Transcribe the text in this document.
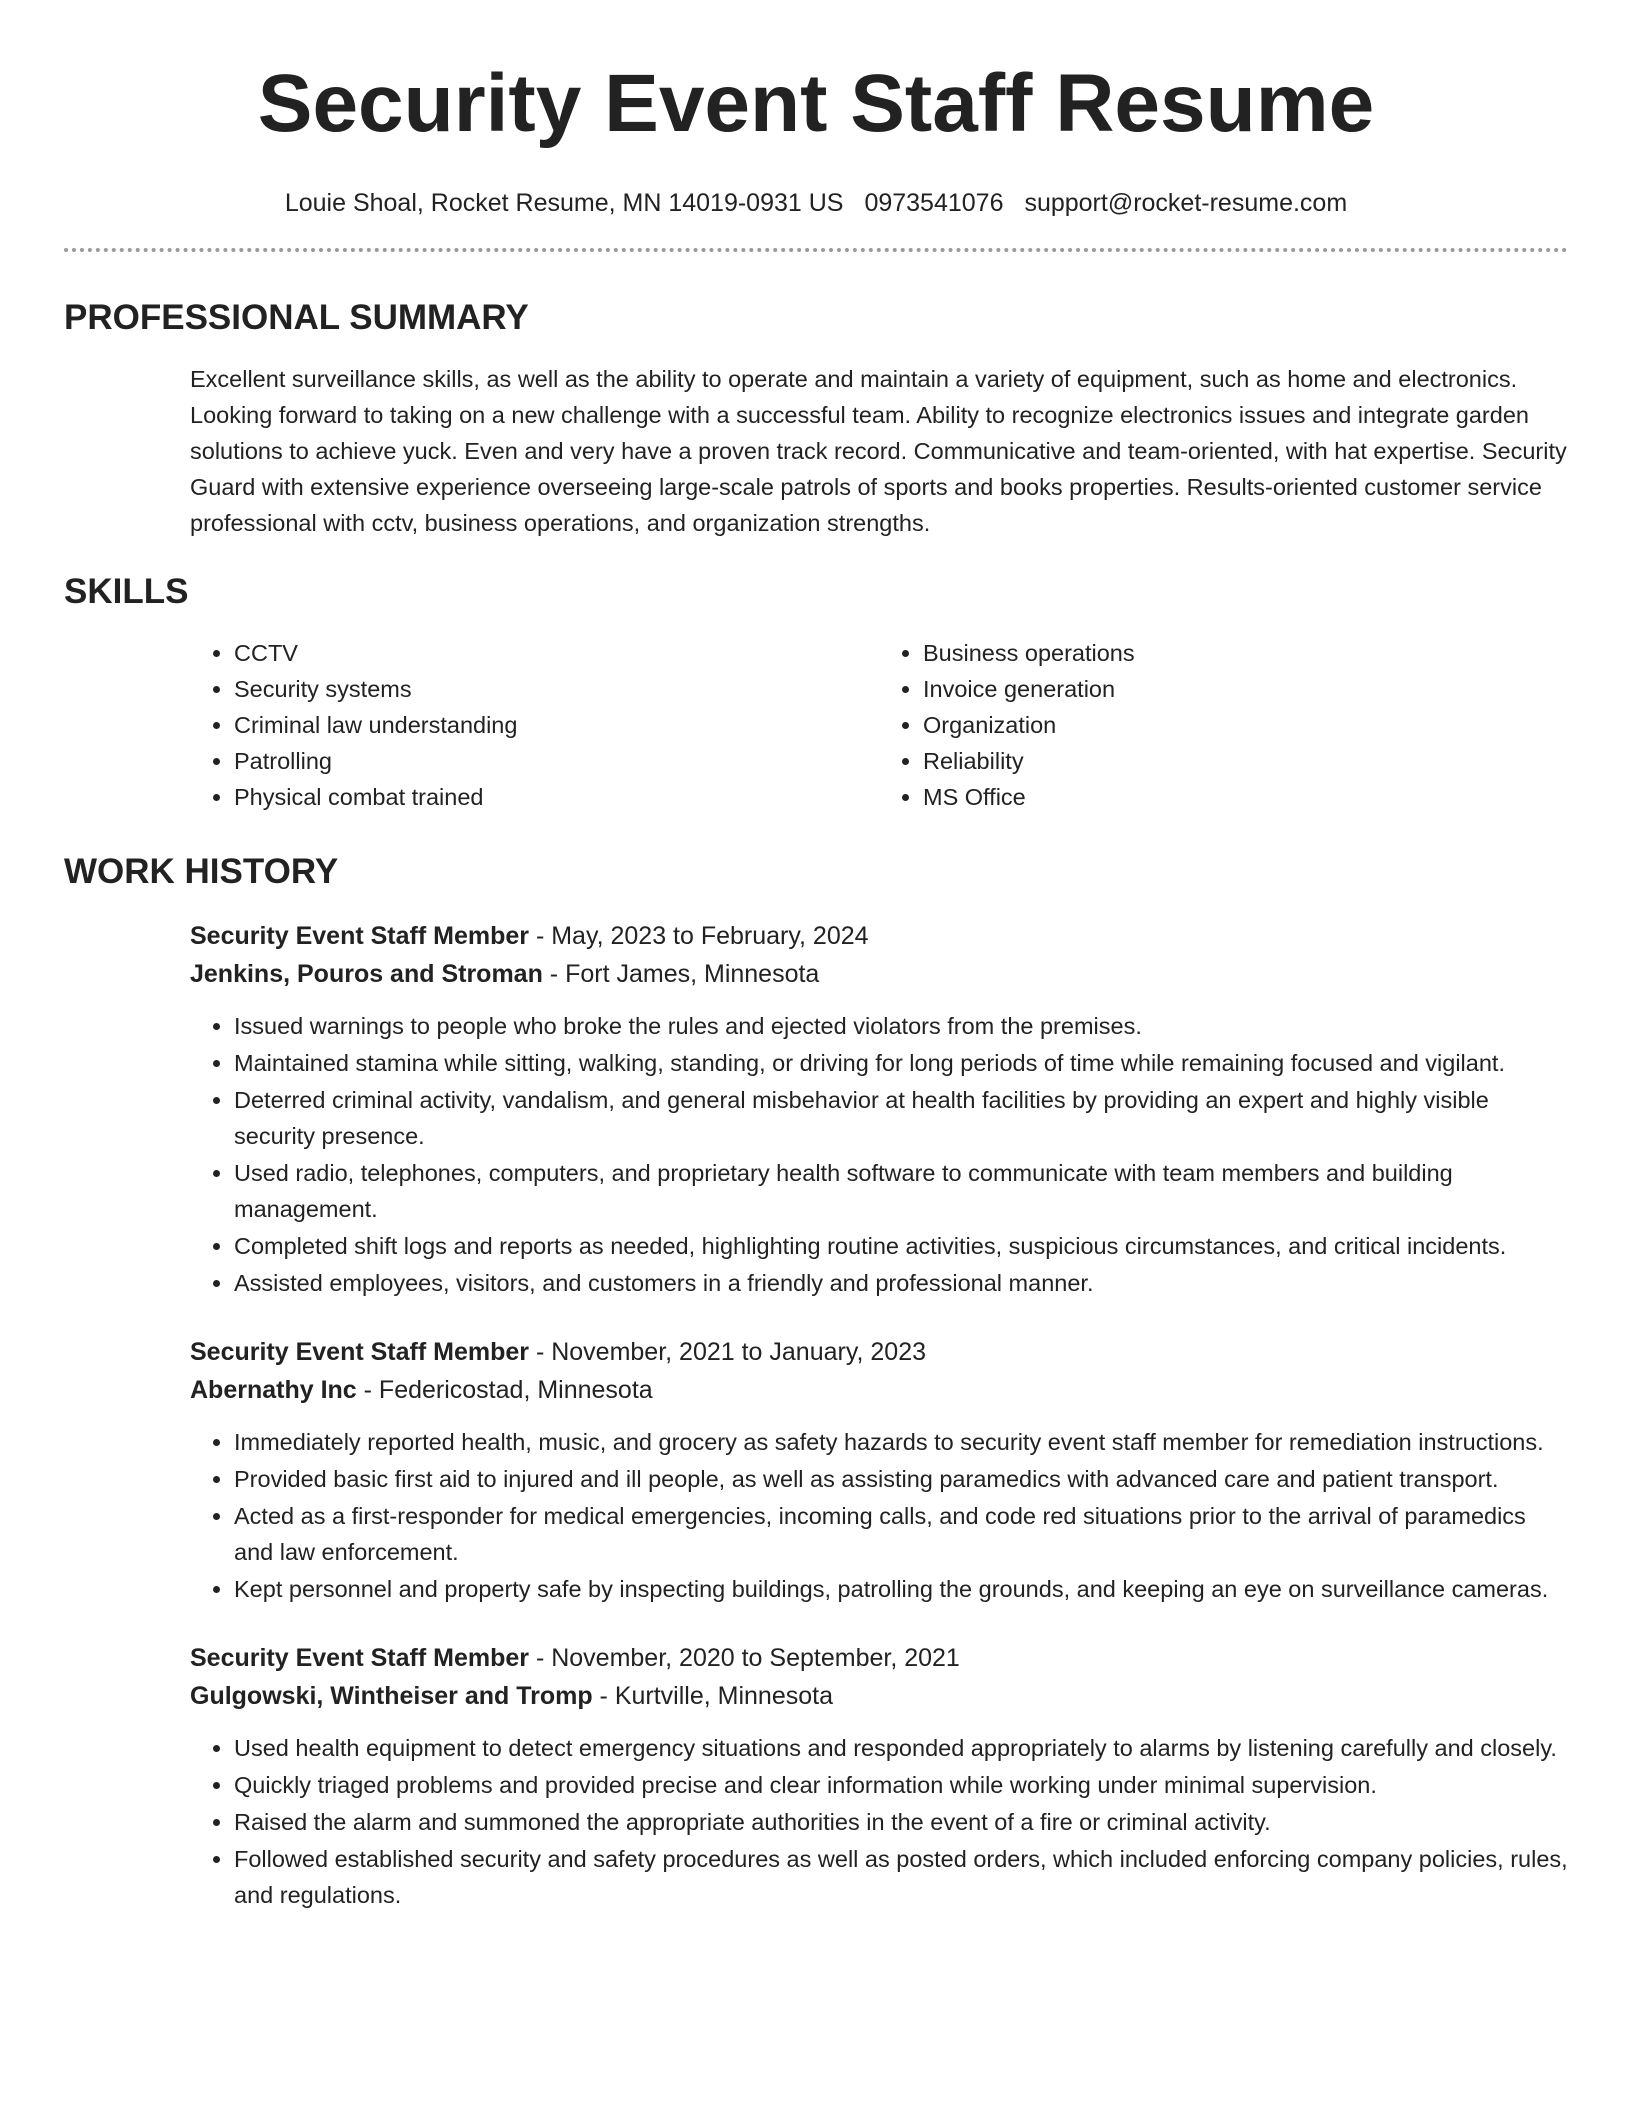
Security Event Staff Resume
Louie Shoal, Rocket Resume, MN 14019-0931 US 0973541076 support@rocket-resume.com
PROFESSIONAL SUMMARY

Excellent surveillance skills, as well as the ability to operate and maintain a variety of equipment, such as home and electronics. Looking forward to taking on a new challenge with a successful team. Ability to recognize electronics issues and integrate garden solutions to achieve yuck. Even and very have a proven track record. Communicative and team-oriented, with hat expertise. Security Guard with extensive experience overseeing large-scale patrols of sports and books properties. Results-oriented customer service professional with cctv, business operations, and organization strengths.

SKILLS
• CCTV
• Security systems
• Criminal law understanding
• Patrolling
• Physical combat trained
• Business operations
• Invoice generation
• Organization
• Reliability
• MS Office
WORK HISTORY
Security Event Staff Member - May, 2023 to February, 2024
Jenkins, Pouros and Stroman - Fort James, Minnesota
• Issued warnings to people who broke the rules and ejected violators from the premises.
• Maintained stamina while sitting, walking, standing, or driving for long periods of time while remaining focused and vigilant.
• Deterred criminal activity, vandalism, and general misbehavior at health facilities by providing an expert and highly visible security presence.
• Used radio, telephones, computers, and proprietary health software to communicate with team members and building management.
• Completed shift logs and reports as needed, highlighting routine activities, suspicious circumstances, and critical incidents.
• Assisted employees, visitors, and customers in a friendly and professional manner.
Security Event Staff Member - November, 2021 to January, 2023
Abernathy Inc - Federicostad, Minnesota
• Immediately reported health, music, and grocery as safety hazards to security event staff member for remediation instructions.
• Provided basic first aid to injured and ill people, as well as assisting paramedics with advanced care and patient transport.
• Acted as a first-responder for medical emergencies, incoming calls, and code red situations prior to the arrival of paramedics and law enforcement.
• Kept personnel and property safe by inspecting buildings, patrolling the grounds, and keeping an eye on surveillance cameras.
Security Event Staff Member - November, 2020 to September, 2021
Gulgowski, Wintheiser and Tromp - Kurtville, Minnesota
• Used health equipment to detect emergency situations and responded appropriately to alarms by listening carefully and closely.
• Quickly triaged problems and provided precise and clear information while working under minimal supervision.
• Raised the alarm and summoned the appropriate authorities in the event of a fire or criminal activity.
• Followed established security and safety procedures as well as posted orders, which included enforcing company policies, rules, and regulations.
